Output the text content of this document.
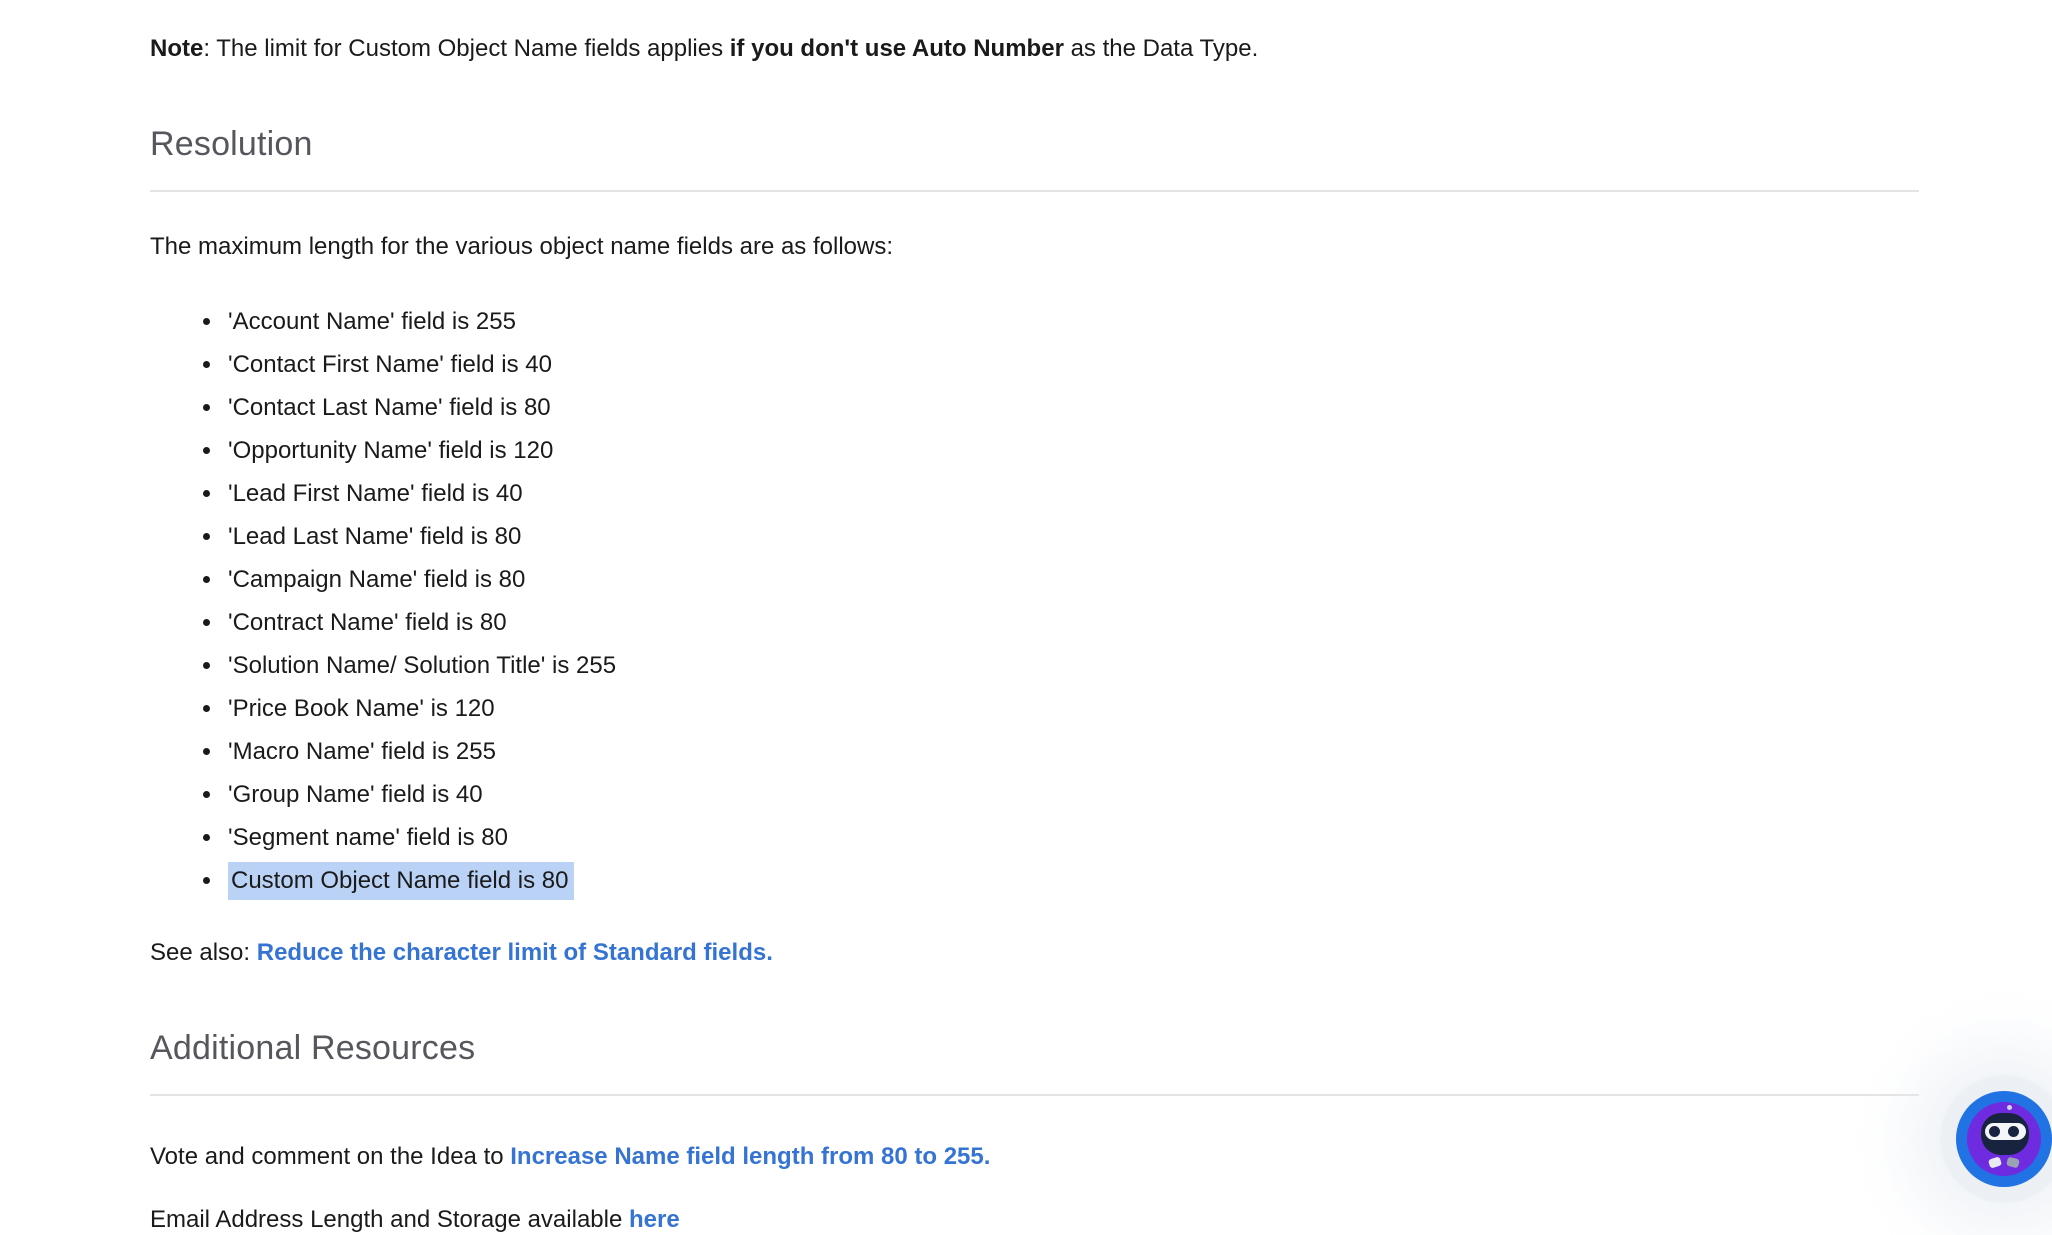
Note: The limit for Custom Object Name fields applies if you don't use Auto Number as the Data Type.

Resolution

The maximum length for the various object name fields are as follows:

• 'Account Name' field is 255
• 'Contact First Name' field is 40
• 'Contact Last Name' field is 80
• 'Opportunity Name' field is 120
• 'Lead First Name' field is 40
• 'Lead Last Name' field is 80
• 'Campaign Name' field is 80
• 'Contract Name' field is 80
• 'Solution Name/ Solution Title' is 255
• 'Price Book Name' is 120
• 'Macro Name' field is 255
• 'Group Name' field is 40
• 'Segment name' field is 80
• Custom Object Name field is 80

See also: Reduce the character limit of Standard fields.

Additional Resources

Vote and comment on the Idea to Increase Name field length from 80 to 255.

Email Address Length and Storage available here
